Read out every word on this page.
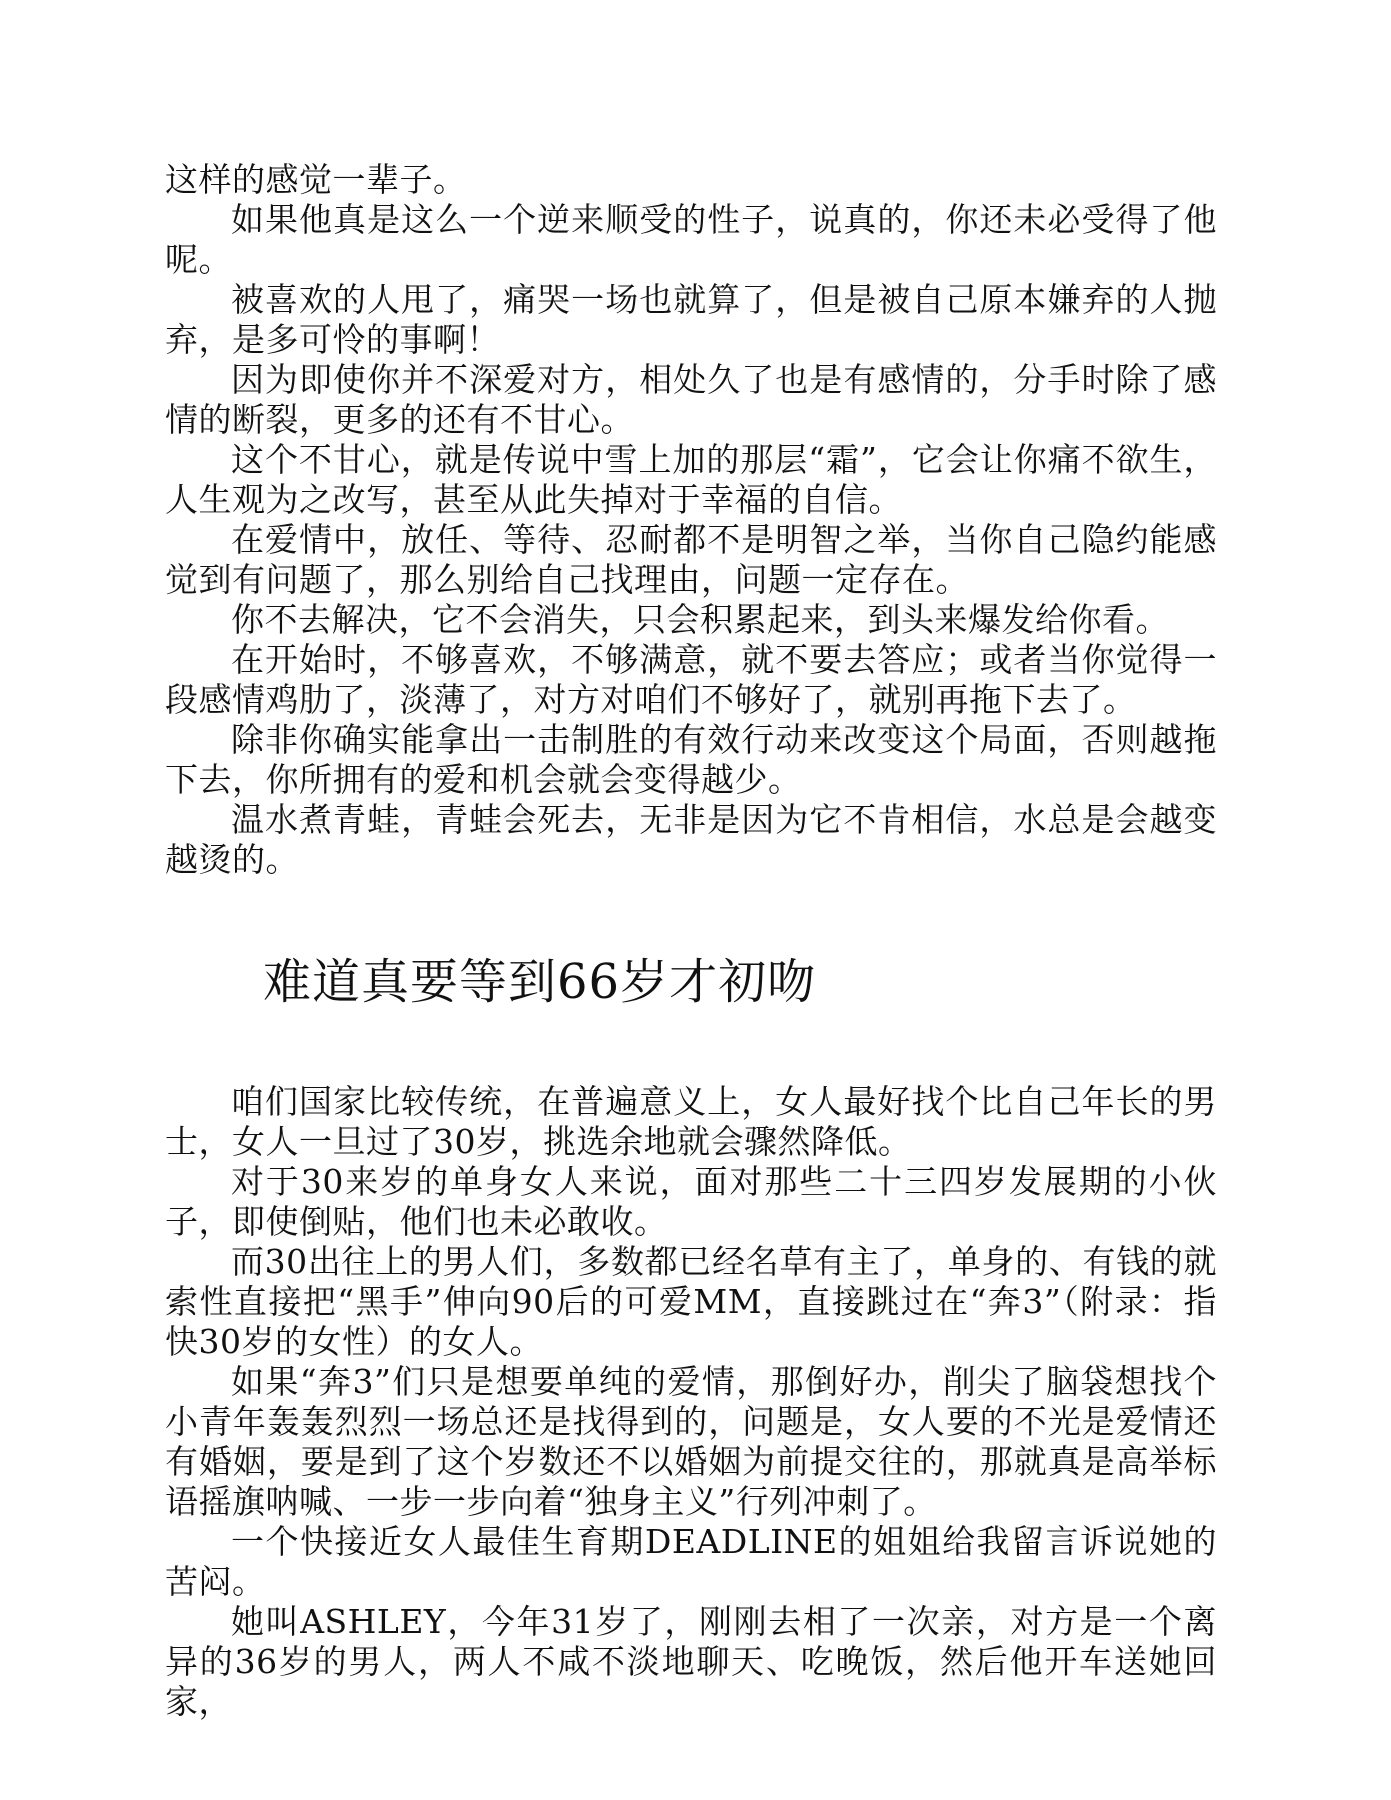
这样的感觉一辈子。

如果他真是这么一个逆来顺受的性子，说真的，你还未必受得了他呢。

被喜欢的人甩了，痛哭一场也就算了，但是被自己原本嫌弃的人抛弃，是多可怜的事啊！

因为即使你并不深爱对方，相处久了也是有感情的，分手时除了感情的断裂，更多的还有不甘心。

这个不甘心，就是传说中雪上加的那层“霜”，它会让你痛不欲生，人生观为之改写，甚至从此失掉对于幸福的自信。

在爱情中，放任、等待、忍耐都不是明智之举，当你自己隐约能感觉到有问题了，那么别给自己找理由，问题一定存在。

你不去解决，它不会消失，只会积累起来，到头来爆发给你看。

在开始时，不够喜欢，不够满意，就不要去答应；或者当你觉得一段感情鸡肋了，淡薄了，对方对咱们不够好了，就别再拖下去了。

除非你确实能拿出一击制胜的有效行动来改变这个局面，否则越拖下去，你所拥有的爱和机会就会变得越少。

温水煮青蛙，青蛙会死去，无非是因为它不肯相信，水总是会越变越烫的。

难道真要等到66岁才初吻

咱们国家比较传统，在普遍意义上，女人最好找个比自己年长的男士，女人一旦过了30岁，挑选余地就会骤然降低。

对于30来岁的单身女人来说，面对那些二十三四岁发展期的小伙子，即使倒贴，他们也未必敢收。

而30出往上的男人们，多数都已经名草有主了，单身的、有钱的就索性直接把“黑手”伸向90后的可爱MM，直接跳过在“奔3”（附录：指快30岁的女性）的女人。

如果“奔3”们只是想要单纯的爱情，那倒好办，削尖了脑袋想找个小青年轰轰烈烈一场总还是找得到的，问题是，女人要的不光是爱情还有婚姻，要是到了这个岁数还不以婚姻为前提交往的，那就真是高举标语摇旗呐喊、一步一步向着“独身主义”行列冲刺了。

一个快接近女人最佳生育期DEADLINE的姐姐给我留言诉说她的苦闷。

她叫ASHLEY，今年31岁了，刚刚去相了一次亲，对方是一个离异的36岁的男人，两人不咸不淡地聊天、吃晚饭，然后他开车送她回家，
